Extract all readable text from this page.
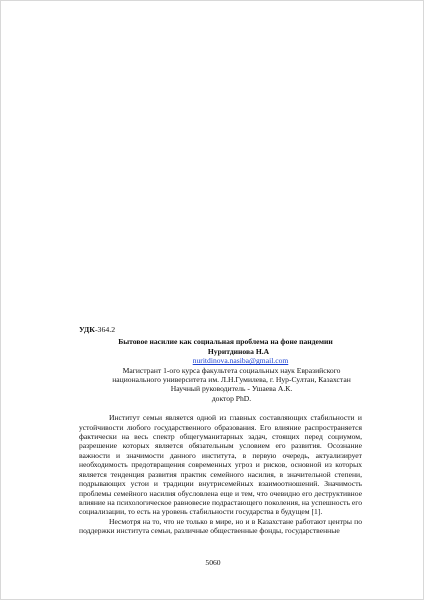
УДК-364.2
Бытовое насилие как социальная проблема на фоне пандемии
Нуритдинова Н.А
nuritdinova.nasiba@gmail.com
Магистрант 1-ого курса факультета социальных наук Евразийского
национального университета им. Л.Н.Гумилева, г. Нур-Султан, Казахстан
Научный руководитель - Ушаева А.К.
доктор PhD.

Институт семьи является одной из главных составляющих стабильности и устойчивости любого государственного образования. Его влияние распространяется фактически на весь спектр общегуманитарных задач, стоящих перед социумом, разрешение которых является обязательным условием его развития. Осознание важности и значимости данного института, в первую очередь, актуализирует необходимость предотвращения современных угроз и рисков, основной из которых является тенденция развития практик семейного насилия, в значительной степени, подрывающих устои и традиции внутрисемейных взаимоотношений. Значимость проблемы семейного насилия обусловлена еще и тем, что очевидно его деструктивное влияние на психологическое равновесие подрастающего поколения, на успешность его социализации, то есть на уровень стабильности государства в будущем [1].

Несмотря на то, что не только в мире, но и в Казахстане работают центры по поддержки института семьи, различные общественные фонды, государственные

5060
